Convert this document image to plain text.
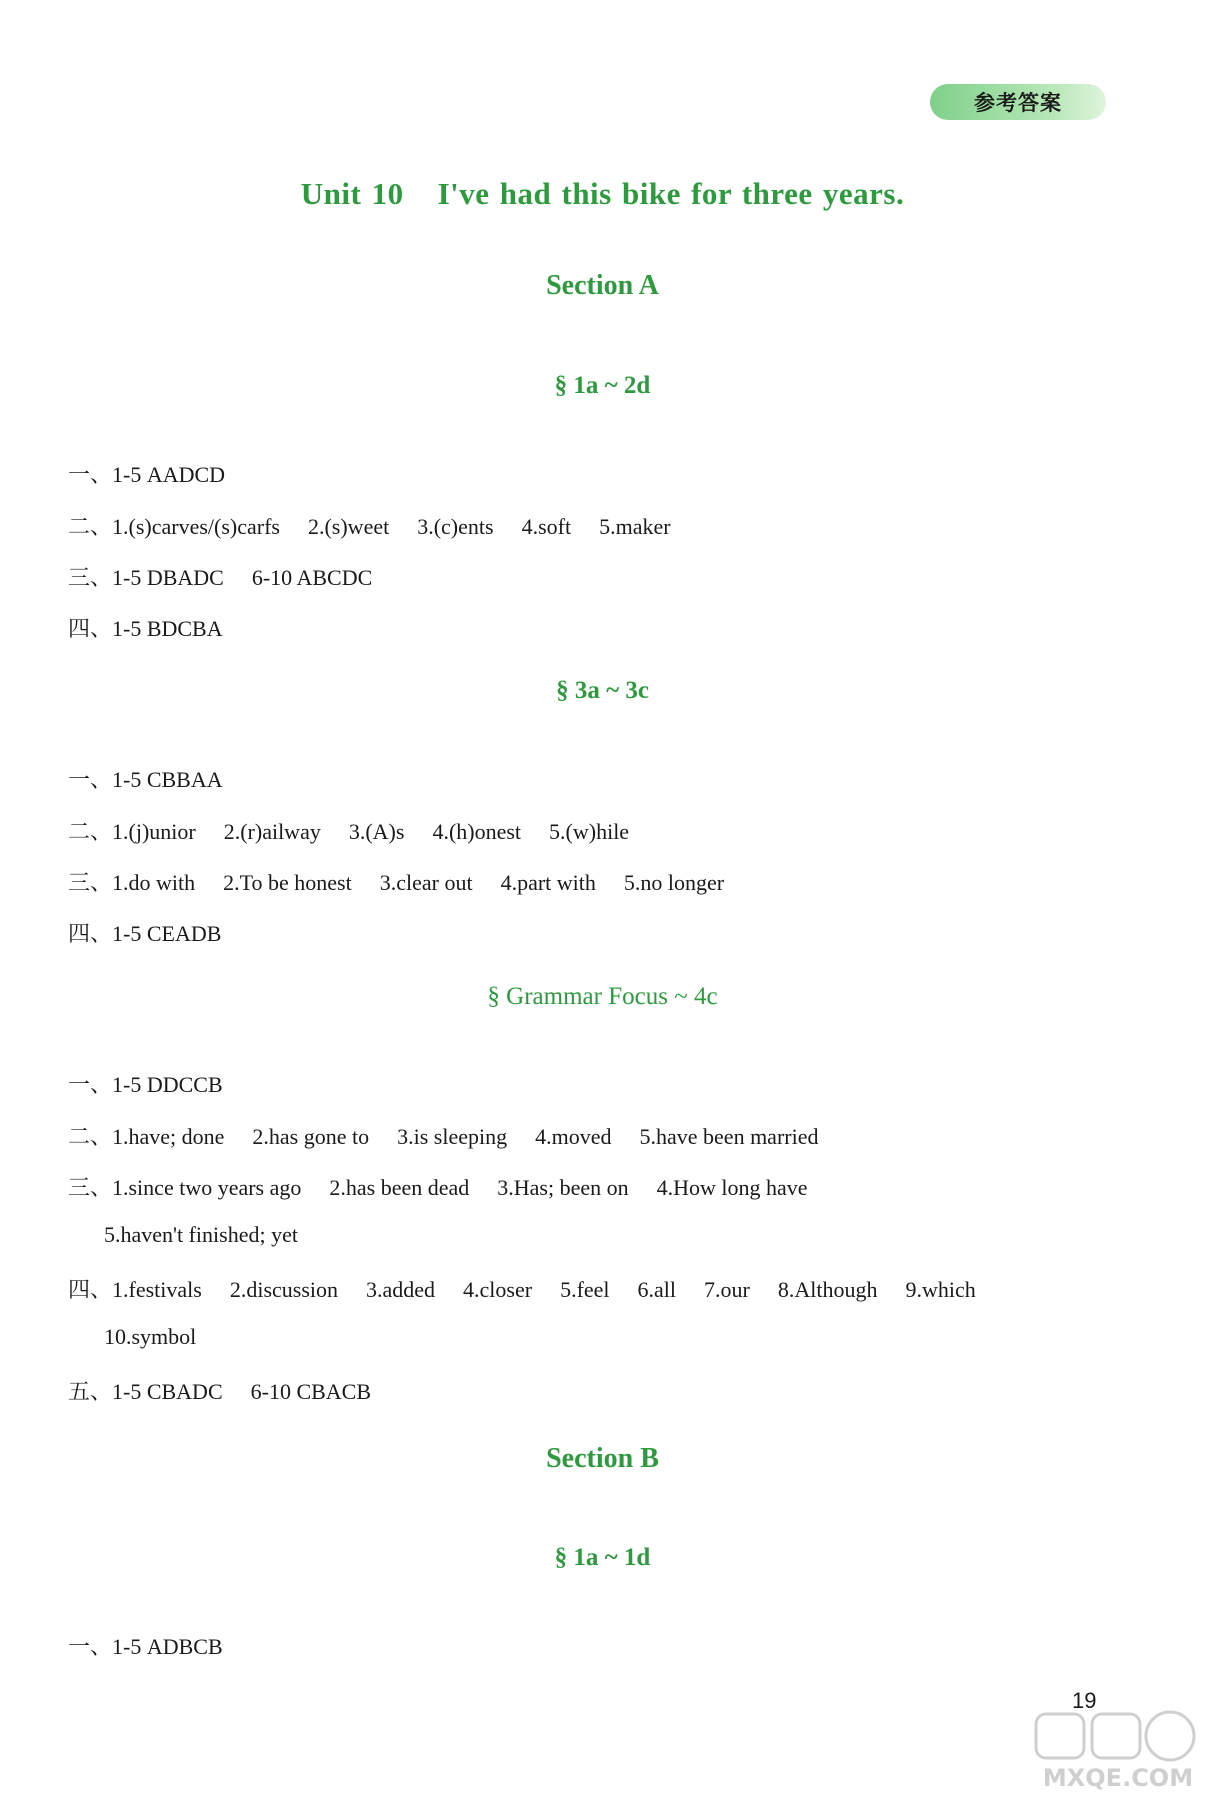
参考答案
Unit 10 I've had this bike for three years.
Section A
§ 1a ~ 2d
一、1-5 AADCD
二、1.(s)carves/(s)carfs 2.(s)weet 3.(c)ents 4.soft 5.maker
三、1-5 DBADC 6-10 ABCDC
四、1-5 BDCBA
§ 3a ~ 3c
一、1-5 CBBAA
二、1.(j)unior 2.(r)ailway 3.(A)s 4.(h)onest 5.(w)hile
三、1.do with 2.To be honest 3.clear out 4.part with 5.no longer
四、1-5 CEADB
§ Grammar Focus ~ 4c
一、1-5 DDCCB
二、1.have; done 2.has gone to 3.is sleeping 4.moved 5.have been married
三、1.since two years ago 2.has been dead 3.Has; been on 4.How long have
5.haven't finished; yet
四、1.festivals 2.discussion 3.added 4.closer 5.feel 6.all 7.our 8.Although 9.which
10.symbol
五、1-5 CBADC 6-10 CBACB
Section B
§ 1a ~ 1d
一、1-5 ADBCB
19
MXQE.COM
